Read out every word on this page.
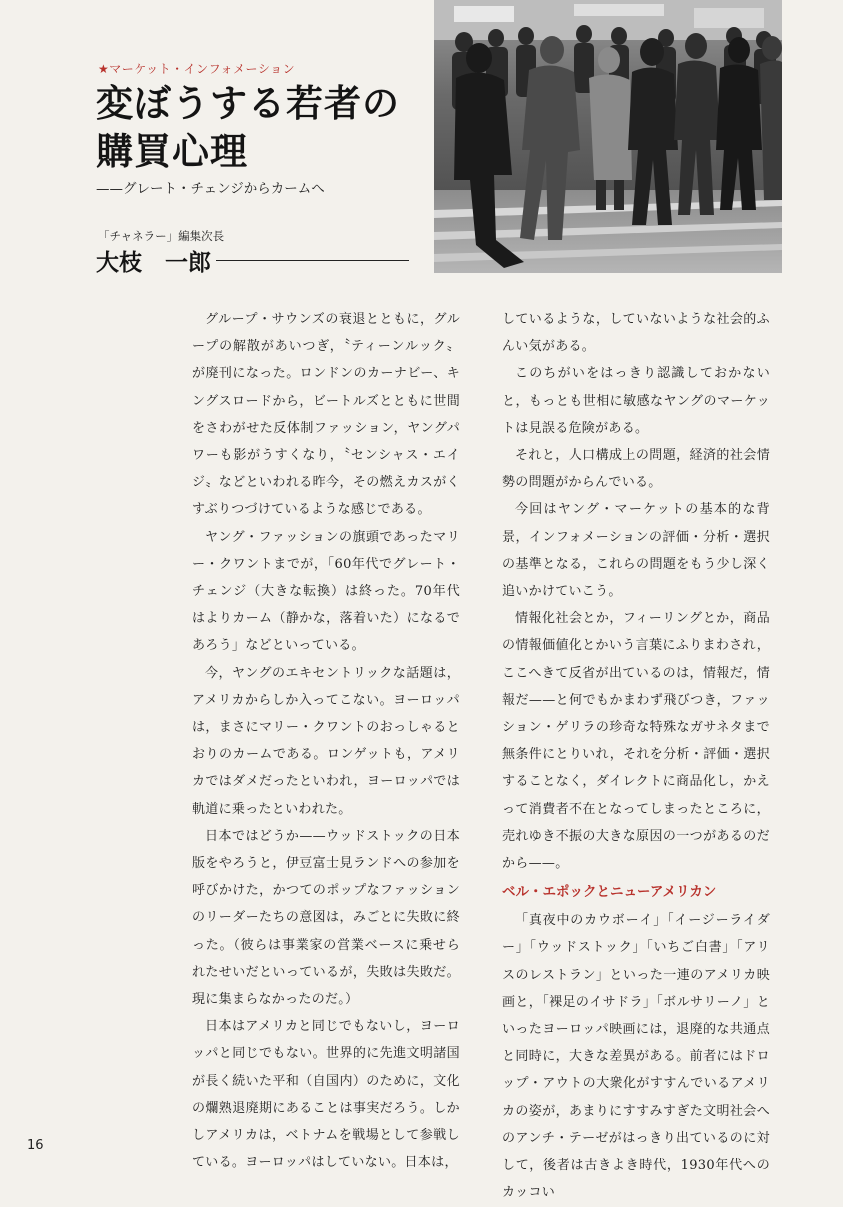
★マーケット・インフォメーション
変ぼうする若者の
購買心理
——グレート・チェンジからカームへ
「チャネラー」編集次長
大枝　一郎

グループ・サウンズの衰退とともに，グループの解散があいつぎ，〝ティーンルック〟が廃刊になった。ロンドンのカーナビー、キングスロードから，ビートルズとともに世間をさわがせた反体制ファッション，ヤングパワーも影がうすくなり，〝センシャス・エイジ〟などといわれる昨今，その燃えカスがくすぶりつづけているような感じである。

ヤング・ファッションの旗頭であったマリー・クワントまでが，「60年代でグレート・チェンジ（大きな転換）は終った。70年代はよりカーム（静かな，落着いた）になるであろう」などといっている。

今，ヤングのエキセントリックな話題は，アメリカからしか入ってこない。ヨーロッパは，まさにマリー・クワントのおっしゃるとおりのカームである。ロンゲットも，アメリカではダメだったといわれ，ヨーロッパでは軌道に乗ったといわれた。

日本ではどうか——ウッドストックの日本版をやろうと，伊豆富士見ランドへの参加を呼びかけた，かつてのポップなファッションのリーダーたちの意図は，みごとに失敗に終った。（彼らは事業家の営業ベースに乗せられたせいだといっているが，失敗は失敗だ。現に集まらなかったのだ。）

日本はアメリカと同じでもないし，ヨーロッパと同じでもない。世界的に先進文明諸国が長く続いた平和（自国内）のために，文化の爛熟退廃期にあることは事実だろう。しかしアメリカは，ベトナムを戦場として参戦している。ヨーロッパはしていない。日本は，

しているような，していないような社会的ふんい気がある。

このちがいをはっきり認識しておかないと，もっとも世相に敏感なヤングのマーケットは見誤る危険がある。

それと，人口構成上の問題，経済的社会情勢の問題がからんでいる。

今回はヤング・マーケットの基本的な背景，インフォメーションの評価・分析・選択の基準となる，これらの問題をもう少し深く追いかけていこう。

情報化社会とか，フィーリングとか，商品の情報価値化とかいう言葉にふりまわされ，ここへきて反省が出ているのは，情報だ，情報だ——と何でもかまわず飛びつき，ファッション・ゲリラの珍奇な特殊なガサネタまで無条件にとりいれ，それを分析・評価・選択することなく，ダイレクトに商品化し，かえって消費者不在となってしまったところに，売れゆき不振の大きな原因の一つがあるのだから——。

ベル・エポックとニューアメリカン

「真夜中のカウボーイ」「イージーライダー」「ウッドストック」「いちご白書」「アリスのレストラン」といった一連のアメリカ映画と，「裸足のイサドラ」「ボルサリーノ」といったヨーロッパ映画には，退廃的な共通点と同時に，大きな差異がある。前者にはドロップ・アウトの大衆化がすすんでいるアメリカの姿が，あまりにすすみすぎた文明社会へのアンチ・テーゼがはっきり出ているのに対して，後者は古きよき時代，1930年代へのカッコい

16
